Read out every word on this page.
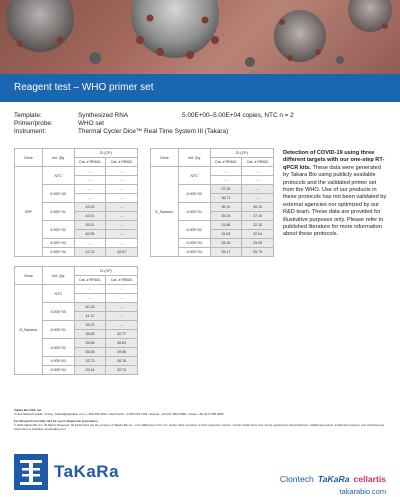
Reagent test – WHO primer set
Template:	Synthesized RNA	5.00E+00–5.00E+04 copies, NTC n = 2
Primer/probe:	WHO set
Instrument:	Thermal Cycler Dice™ Real Time System III (Takara)
Gene	Init. Qty	Ct (CP)	
		Cat. # RR601	Cat. # RR651
ORF	NTC	–	–
		–	–
	5.00E+00	–	–
		–	–
	5.00E+01	42.03	–
		42.51	–
	5.00E+02	35.51	–
		40.05	–
	5.00E+03	–	–
	5.00E+04	22.23	42.97
Gene	Init. Qty	Ct (CP)	
		Cat. # RR601	Cat. # RR651
E_Sarbeco	NTC	–	–
		–	–
	5.00E+00	37.26	–
		36.71	–
	5.00E+01	36.19	36.10
		35.34	37.10
	5.00E+02	31.88	32.10
		31.84	32.04
	5.00E+03	28.45	29.05
	5.00E+04	25.17	25.75
Gene	Init. Qty	Ct (CP)	
		Cat. # RR601	Cat. # RR651
N_Sarbeco	NTC	–	–
		–	–
	5.00E+00	40.25	–
		41.37	–
	5.00E+01	39.23	–
		38.65	42.77
	5.00E+02	35.66	38.83
		35.55	39.56
	5.00E+03	32.73	36.76
	5.00E+04	29.44	32.74
Detection of COVID-19 using three different targets with our one-step RT-qPCR kits. These data were generated by Takara Bio using publicly available protocols and the validated primer set from the WHO. Use of our products in these protocols has not been validated by external agencies nor optimized by our R&D team. These data are provided for illustrative purposes only. Please refer to published literature for more information about these protocols.
Takara Bio USA, Inc.
United States/Canada: Invoice_Takara@takarabio.com • +800.662.2566 • Asia Pacific: +1.650.919.7300 • Europe: +33.(0)1.3904.6880 • Japan: +81.(0)77.565.6999
For Research Use Only. Not for use in diagnostic procedures.
© 2020 Takara Bio Inc. All Rights Reserved. All trademarks are the property of Takara Bio Inc. or its affiliate(s) in the U.S. and/or other countries or their respective owners. Certain trademarks may not be registered in all jurisdictions. Additional product, intellectual property, and restricted use information is available at takarabio.com.
TaKaRa	Clontech TaKaRa cellartis
takarabio.com
